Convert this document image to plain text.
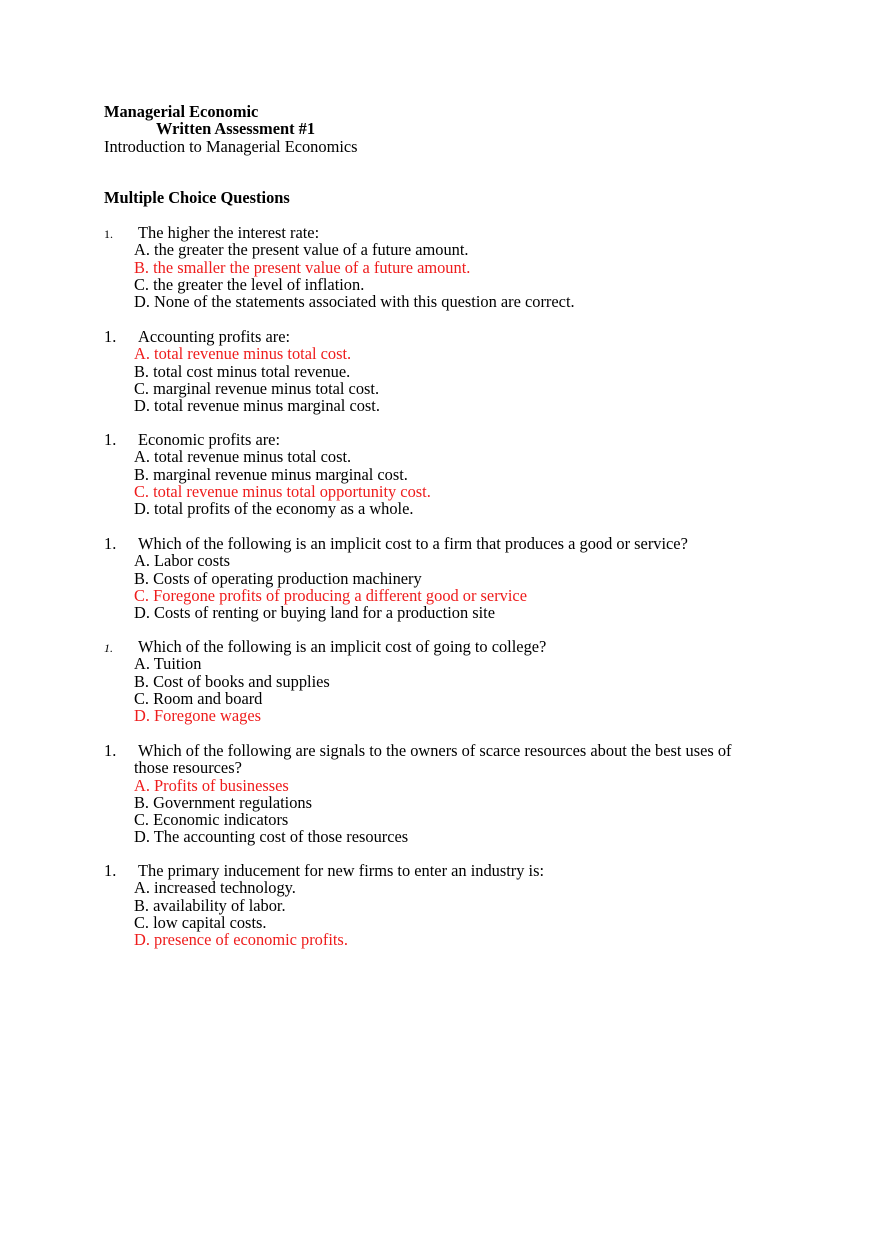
Managerial Economic
Written Assessment #1
Introduction to Managerial Economics
Multiple Choice Questions
1. The higher the interest rate:
A. the greater the present value of a future amount.
B. the smaller the present value of a future amount.
C. the greater the level of inflation.
D. None of the statements associated with this question are correct.
1. Accounting profits are:
A. total revenue minus total cost.
B. total cost minus total revenue.
C. marginal revenue minus total cost.
D. total revenue minus marginal cost.
1. Economic profits are:
A. total revenue minus total cost.
B. marginal revenue minus marginal cost.
C. total revenue minus total opportunity cost.
D. total profits of the economy as a whole.
1. Which of the following is an implicit cost to a firm that produces a good or service?
A. Labor costs
B. Costs of operating production machinery
C. Foregone profits of producing a different good or service
D. Costs of renting or buying land for a production site
1. Which of the following is an implicit cost of going to college?
A. Tuition
B. Cost of books and supplies
C. Room and board
D. Foregone wages
1. Which of the following are signals to the owners of scarce resources about the best uses of
those resources?
A. Profits of businesses
B. Government regulations
C. Economic indicators
D. The accounting cost of those resources
1. The primary inducement for new firms to enter an industry is:
A. increased technology.
B. availability of labor.
C. low capital costs.
D. presence of economic profits.
